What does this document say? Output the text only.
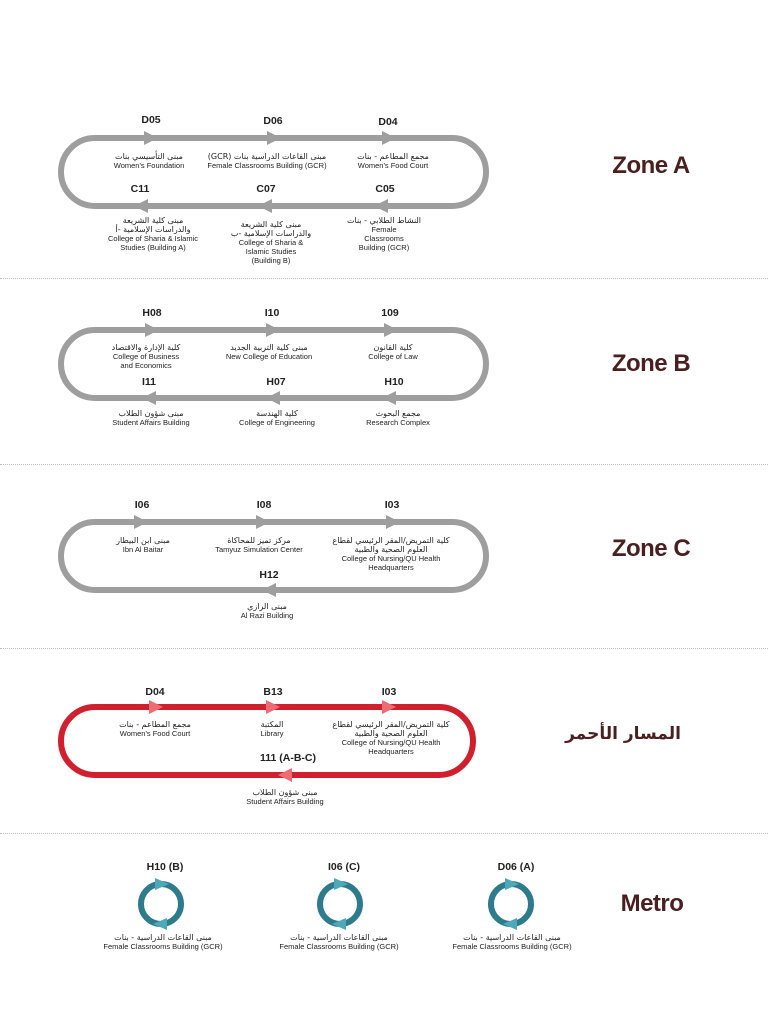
D05	D06	D04
مبنى التأسيسي بنات
Women's Foundation
مبنى القاعات الدراسية بنات (GCR)
Female Classrooms Building (GCR)
مجمع المطاعم - بنات
Women's Food Court
C11	C07	C05
مبنى كلية الشريعة والدراسات الإسلامية -أ
College of Sharia & Islamic Studies (Building A)
مبنى كلية الشريعة والدراسات الإسلامية -ب
College of Sharia & Islamic Studies (Building B)
النشاط الطلابي - بنات
Female Classrooms Building (GCR)
Zone A
H08	I10	109
كلية الإدارة والاقتصاد
College of Business and Economics
مبنى كلية التربية الجديد
New College of Education
كلية القانون
College of Law
I11	H07	H10
مبنى شؤون الطلاب
Student Affairs Building
كلية الهندسة
College of Engineering
مجمع البحوث
Research Complex
Zone B
I06	I08	I03
مبنى ابن البيطار
Ibn Al Baitar
مركز تميز للمحاكاة
Tamyuz Simulation Center
كلية التمريض/المقر الرئيسي لقطاع العلوم الصحية والطبية
College of Nursing/QU Health Headquarters
H12
مبنى الرازي
Al Razi Building
Zone C
D04	B13	I03
مجمع المطاعم - بنات
Women's Food Court
المكتبة
Library
كلية التمريض/المقر الرئيسي لقطاع العلوم الصحية والطبية
College of Nursing/QU Health Headquarters
111 (A-B-C)
مبنى شؤون الطلاب
Student Affairs Building
المسار الأحمر
H10 (B)	I06 (C)	D06 (A)
مبنى القاعات الدراسية - بنات
Female Classrooms Building (GCR)
مبنى القاعات الدراسية - بنات
Female Classrooms Building (GCR)
مبنى القاعات الدراسية - بنات
Female Classrooms Building (GCR)
Metro
